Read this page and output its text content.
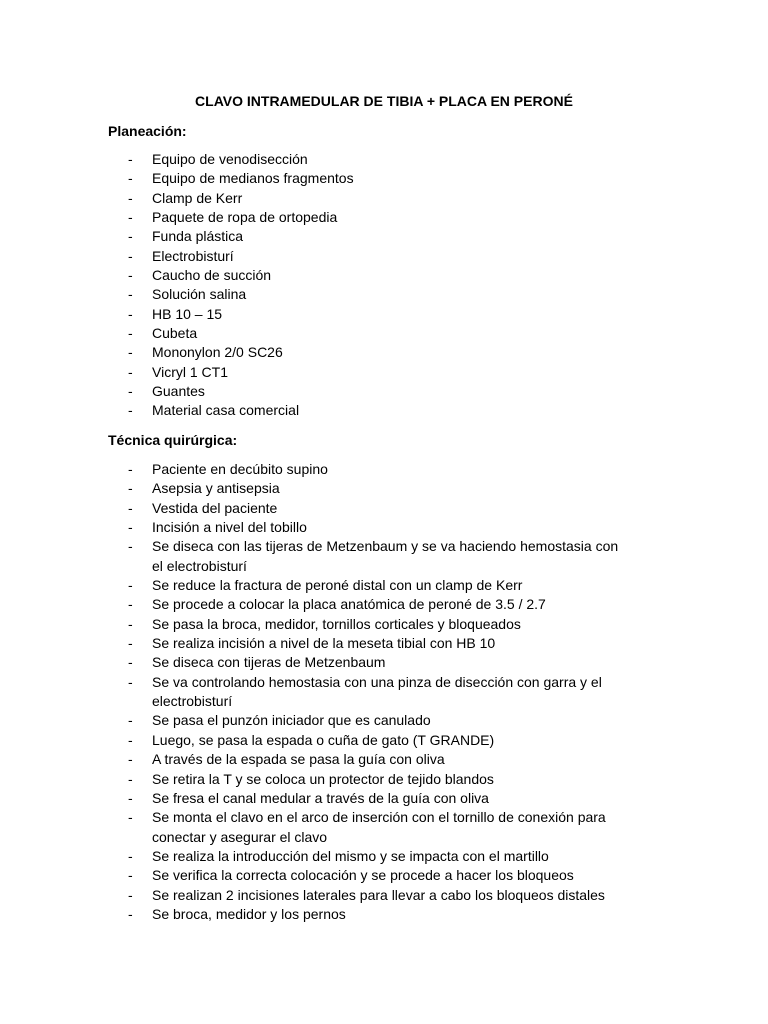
CLAVO INTRAMEDULAR DE TIBIA + PLACA EN PERONÉ
Planeación:
- Equipo de venodisección
- Equipo de medianos fragmentos
- Clamp de Kerr
- Paquete de ropa de ortopedia
- Funda plástica
- Electrobisturí
- Caucho de succión
- Solución salina
- HB 10 – 15
- Cubeta
- Mononylon 2/0 SC26
- Vicryl 1 CT1
- Guantes
- Material casa comercial
Técnica quirúrgica:
- Paciente en decúbito supino
- Asepsia y antisepsia
- Vestida del paciente
- Incisión a nivel del tobillo
- Se diseca con las tijeras de Metzenbaum y se va haciendo hemostasia con
el electrobisturí
- Se reduce la fractura de peroné distal con un clamp de Kerr
- Se procede a colocar la placa anatómica de peroné de 3.5 / 2.7
- Se pasa la broca, medidor, tornillos corticales y bloqueados
- Se realiza incisión a nivel de la meseta tibial con HB 10
- Se diseca con tijeras de Metzenbaum
- Se va controlando hemostasia con una pinza de disección con garra y el
electrobisturí
- Se pasa el punzón iniciador que es canulado
- Luego, se pasa la espada o cuña de gato (T GRANDE)
- A través de la espada se pasa la guía con oliva
- Se retira la T y se coloca un protector de tejido blandos
- Se fresa el canal medular a través de la guía con oliva
- Se monta el clavo en el arco de inserción con el tornillo de conexión para
conectar y asegurar el clavo
- Se realiza la introducción del mismo y se impacta con el martillo
- Se verifica la correcta colocación y se procede a hacer los bloqueos
- Se realizan 2 incisiones laterales para llevar a cabo los bloqueos distales
- Se broca, medidor y los pernos
